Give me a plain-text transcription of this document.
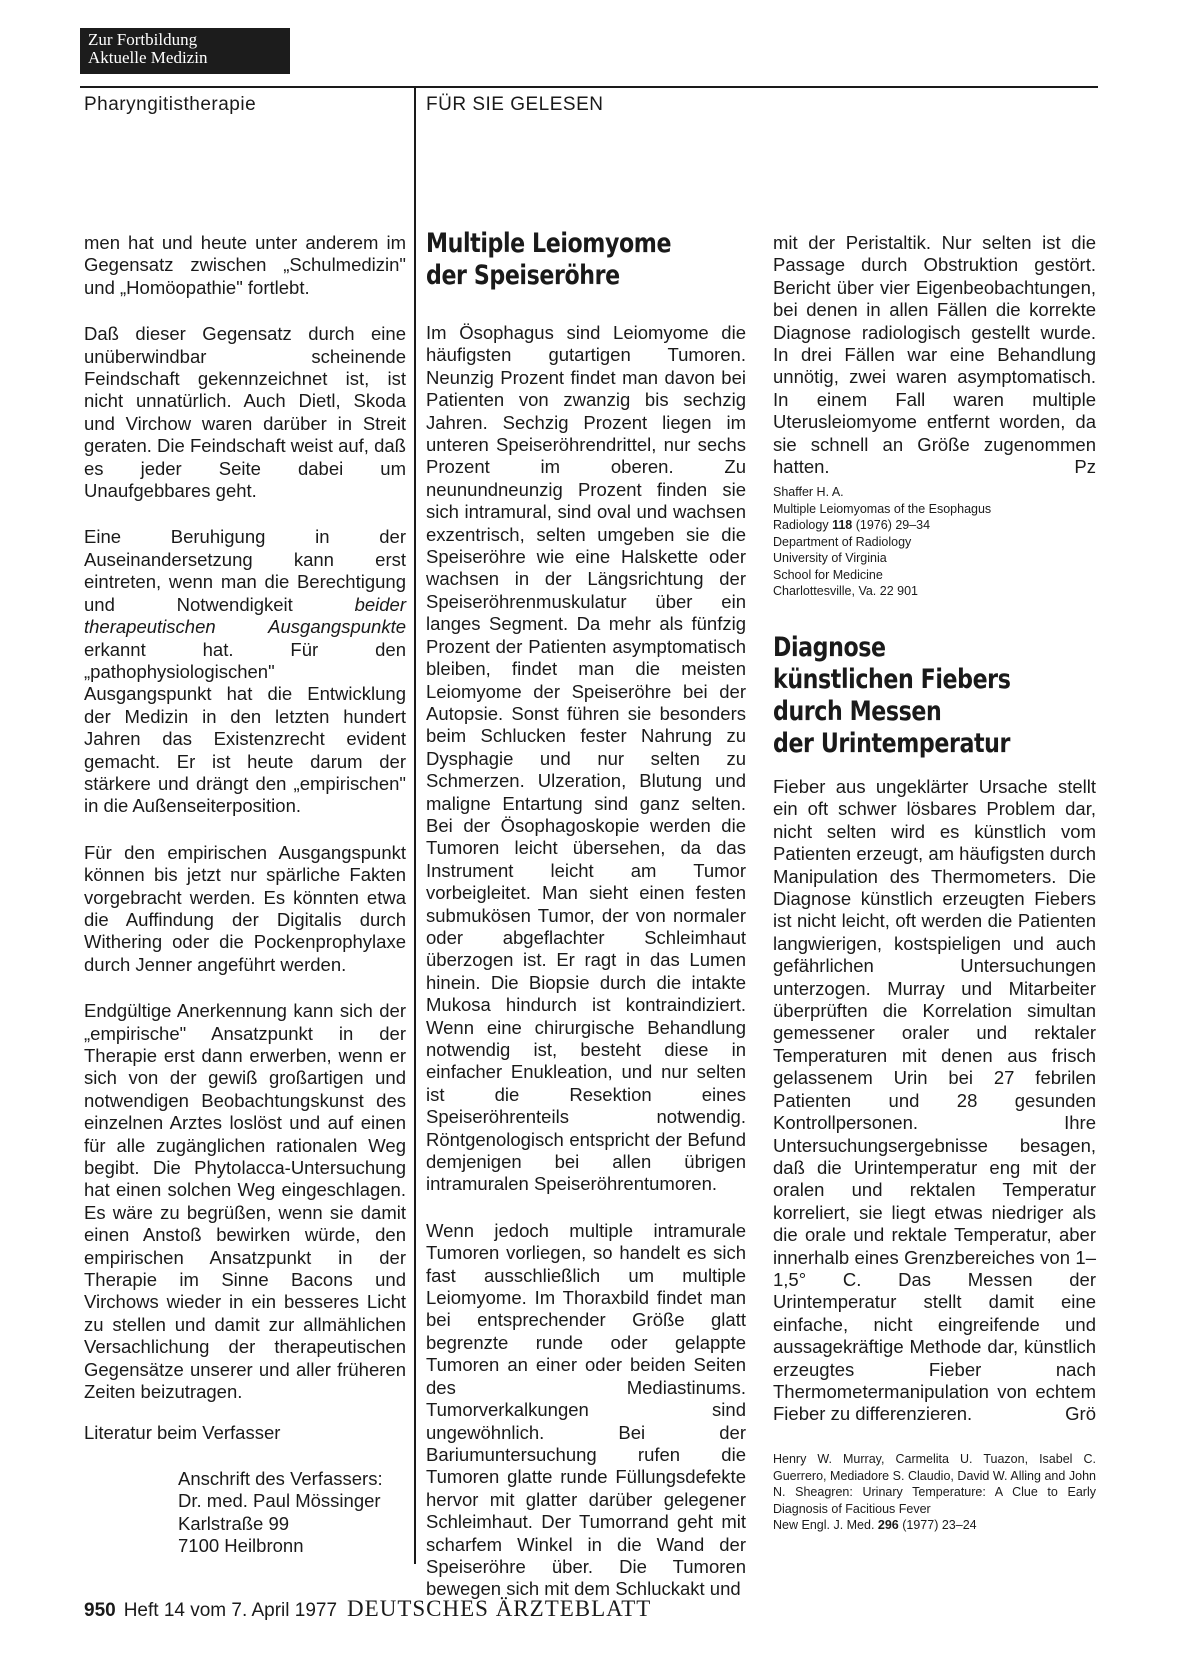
Zur Fortbildung
Aktuelle Medizin
Pharyngitistherapie	FÜR SIE GELESEN

men hat und heute unter anderem im Gegensatz zwischen „Schulmedizin" und „Homöopathie" fortlebt.

Daß dieser Gegensatz durch eine unüberwindbar scheinende Feindschaft gekennzeichnet ist, ist nicht unnatürlich. Auch Dietl, Skoda und Virchow waren darüber in Streit geraten. Die Feindschaft weist auf, daß es jeder Seite dabei um Unaufgebbares geht.

Eine Beruhigung in der Auseinandersetzung kann erst eintreten, wenn man die Berechtigung und Notwendigkeit beider therapeutischen Ausgangspunkte erkannt hat. Für den „pathophysiologischen" Ausgangspunkt hat die Entwicklung der Medizin in den letzten hundert Jahren das Existenzrecht evident gemacht. Er ist heute darum der stärkere und drängt den „empirischen" in die Außenseiterposition.

Für den empirischen Ausgangspunkt können bis jetzt nur spärliche Fakten vorgebracht werden. Es könnten etwa die Auffindung der Digitalis durch Withering oder die Pockenprophylaxe durch Jenner angeführt werden.

Endgültige Anerkennung kann sich der „empirische" Ansatzpunkt in der Therapie erst dann erwerben, wenn er sich von der gewiß großartigen und notwendigen Beobachtungskunst des einzelnen Arztes loslöst und auf einen für alle zugänglichen rationalen Weg begibt. Die Phytolacca-Untersuchung hat einen solchen Weg eingeschlagen. Es wäre zu begrüßen, wenn sie damit einen Anstoß bewirken würde, den empirischen Ansatzpunkt in der Therapie im Sinne Bacons und Virchows wieder in ein besseres Licht zu stellen und damit zur allmählichen Versachlichung der therapeutischen Gegensätze unserer und aller früheren Zeiten beizutragen.

Literatur beim Verfasser
Anschrift des Verfassers:
Dr. med. Paul Mössinger
Karlstraße 99
7100 Heilbronn
Multiple Leiomyome
der Speiseröhre

Im Ösophagus sind Leiomyome die häufigsten gutartigen Tumoren. Neunzig Prozent findet man davon bei Patienten von zwanzig bis sechzig Jahren. Sechzig Prozent liegen im unteren Speiseröhrendrittel, nur sechs Prozent im oberen. Zu neunundneunzig Prozent finden sie sich intramural, sind oval und wachsen exzentrisch, selten umgeben sie die Speiseröhre wie eine Halskette oder wachsen in der Längsrichtung der Speiseröhrenmuskulatur über ein langes Segment. Da mehr als fünfzig Prozent der Patienten asymptomatisch bleiben, findet man die meisten Leiomyome der Speiseröhre bei der Autopsie. Sonst führen sie besonders beim Schlucken fester Nahrung zu Dysphagie und nur selten zu Schmerzen. Ulzeration, Blutung und maligne Entartung sind ganz selten. Bei der Ösophagoskopie werden die Tumoren leicht übersehen, da das Instrument leicht am Tumor vorbeigleitet. Man sieht einen festen submukösen Tumor, der von normaler oder abgeflachter Schleimhaut überzogen ist. Er ragt in das Lumen hinein. Die Biopsie durch die intakte Mukosa hindurch ist kontraindiziert. Wenn eine chirurgische Behandlung notwendig ist, besteht diese in einfacher Enukleation, und nur selten ist die Resektion eines Speiseröhrenteils notwendig. Röntgenologisch entspricht der Befund demjenigen bei allen übrigen intramuralen Speiseröhrentumoren.

Wenn jedoch multiple intramurale Tumoren vorliegen, so handelt es sich fast ausschließlich um multiple Leiomyome. Im Thoraxbild findet man bei entsprechender Größe glatt begrenzte runde oder gelappte Tumoren an einer oder beiden Seiten des Mediastinums. Tumorverkalkungen sind ungewöhnlich. Bei der Bariumuntersuchung rufen die Tumoren glatte runde Füllungsdefekte hervor mit glatter darüber gelegener Schleimhaut. Der Tumorrand geht mit scharfem Winkel in die Wand der Speiseröhre über. Die Tumoren bewegen sich mit dem Schluckakt und

mit der Peristaltik. Nur selten ist die Passage durch Obstruktion gestört. Bericht über vier Eigenbeobachtungen, bei denen in allen Fällen die korrekte Diagnose radiologisch gestellt wurde. In drei Fällen war eine Behandlung unnötig, zwei waren asymptomatisch. In einem Fall waren multiple Uterusleiomyome entfernt worden, da sie schnell an Größe zugenommen hatten.	Pz

Shaffer H. A.
Multiple Leiomyomas of the Esophagus
Radiology 118 (1976) 29–34
Department of Radiology
University of Virginia
School for Medicine
Charlottesville, Va. 22 901
Diagnose
künstlichen Fiebers
durch Messen
der Urintemperatur

Fieber aus ungeklärter Ursache stellt ein oft schwer lösbares Problem dar, nicht selten wird es künstlich vom Patienten erzeugt, am häufigsten durch Manipulation des Thermometers. Die Diagnose künstlich erzeugten Fiebers ist nicht leicht, oft werden die Patienten langwierigen, kostspieligen und auch gefährlichen Untersuchungen unterzogen. Murray und Mitarbeiter überprüften die Korrelation simultan gemessener oraler und rektaler Temperaturen mit denen aus frisch gelassenem Urin bei 27 febrilen Patienten und 28 gesunden Kontrollpersonen. Ihre Untersuchungsergebnisse besagen, daß die Urintemperatur eng mit der oralen und rektalen Temperatur korreliert, sie liegt etwas niedriger als die orale und rektale Temperatur, aber innerhalb eines Grenzbereiches von 1–1,5° C. Das Messen der Urintemperatur stellt damit eine einfache, nicht eingreifende und aussagekräftige Methode dar, künstlich erzeugtes Fieber nach Thermometermanipulation von echtem Fieber zu differenzieren.	Grö

Henry W. Murray, Carmelita U. Tuazon, Isabel C. Guerrero, Mediadore S. Claudio, David W. Alling and John N. Sheagren: Urinary Temperature: A Clue to Early Diagnosis of Facitious Fever
New Engl. J. Med. 296 (1977) 23–24
950 Heft 14 vom 7. April 1977 DEUTSCHES ÄRZTEBLATT
